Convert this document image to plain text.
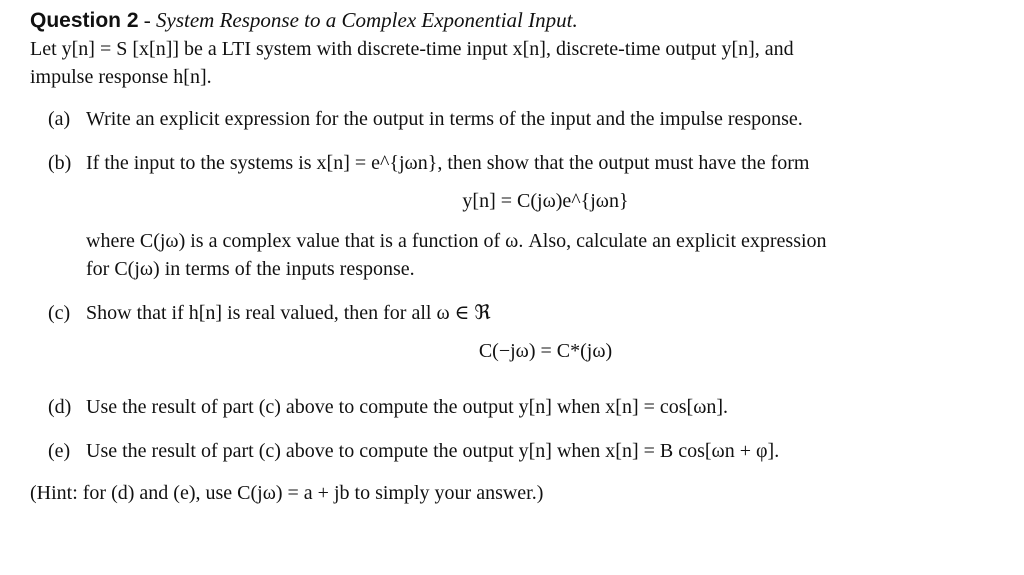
Question 2 - System Response to a Complex Exponential Input.
Let y[n] = S [x[n]] be a LTI system with discrete-time input x[n], discrete-time output y[n], and
impulse response h[n].
(a) Write an explicit expression for the output in terms of the input and the impulse response.
(b) If the input to the systems is x[n] = e^{jωn}, then show that the output must have the form
y[n] = C(jω)e^{jωn}
where C(jω) is a complex value that is a function of ω. Also, calculate an explicit expression
for C(jω) in terms of the inputs response.
(c) Show that if h[n] is real valued, then for all ω ∈ ℜ
C(−jω) = C*(jω)
(d) Use the result of part (c) above to compute the output y[n] when x[n] = cos[ωn].
(e) Use the result of part (c) above to compute the output y[n] when x[n] = B cos[ωn + φ].
(Hint: for (d) and (e), use C(jω) = a + jb to simply your answer.)
